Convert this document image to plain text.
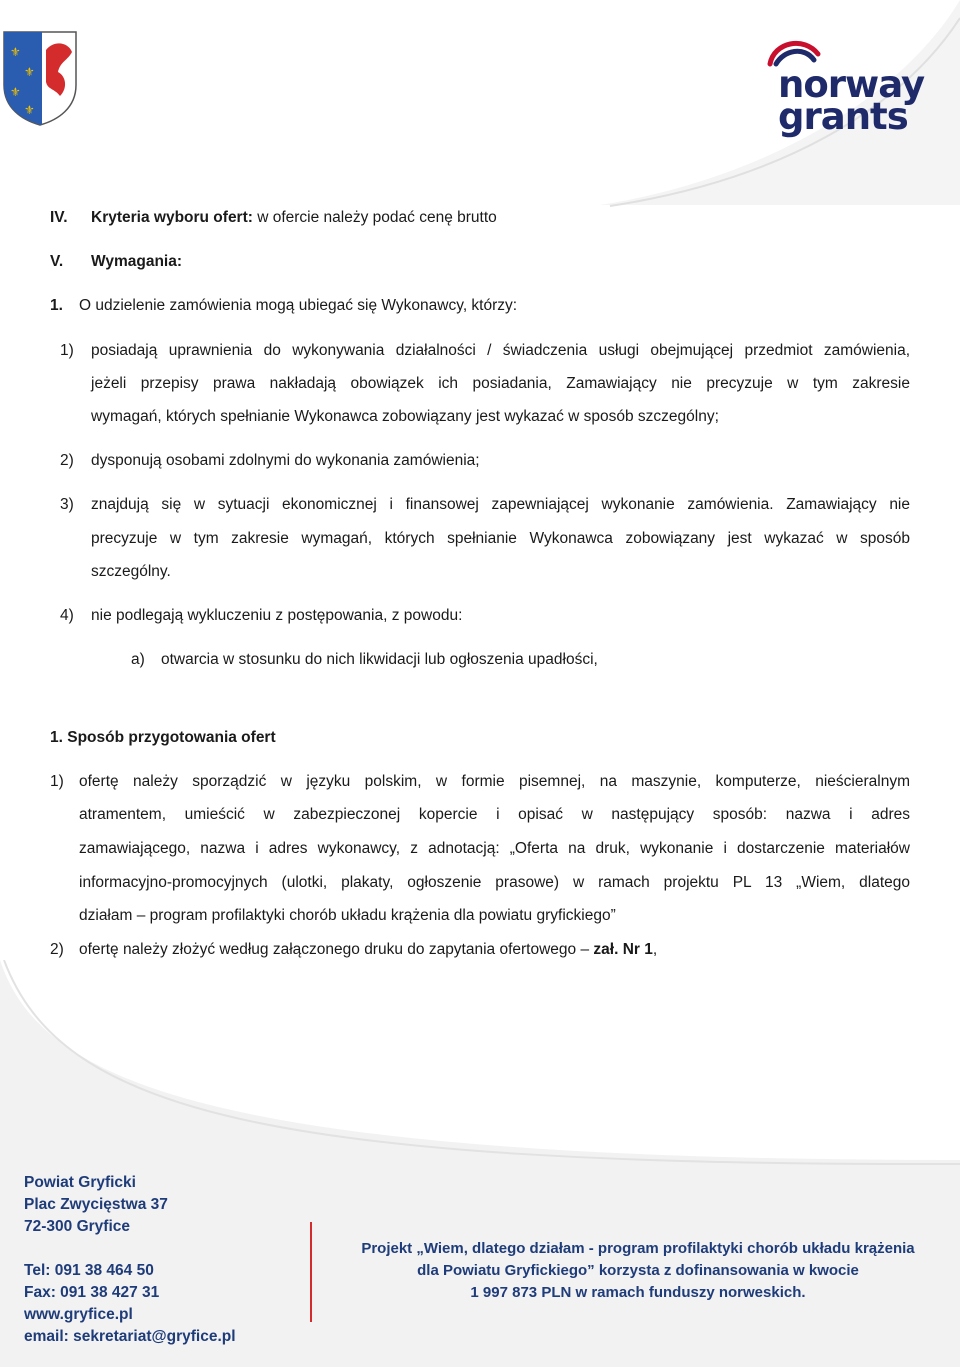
⚜
⚜
⚜
⚜
norway
grants
IV. Kryteria wyboru ofert: w ofercie należy podać cenę brutto
V. Wymagania:
1. O udzielenie zamówienia mogą ubiegać się Wykonawcy, którzy:
1) posiadają uprawnienia do wykonywania działalności / świadczenia usługi obejmującej przedmiot zamówienia,
jeżeli przepisy prawa nakładają obowiązek ich posiadania, Zamawiający nie precyzuje w tym zakresie
wymagań, których spełnianie Wykonawca zobowiązany jest wykazać w sposób szczególny;
2) dysponują osobami zdolnymi do wykonania zamówienia;
3) znajdują się w sytuacji ekonomicznej i finansowej zapewniającej wykonanie zamówienia. Zamawiający nie
precyzuje w tym zakresie wymagań, których spełnianie Wykonawca zobowiązany jest wykazać w sposób
szczególny.
4) nie podlegają wykluczeniu z postępowania, z powodu:
a) otwarcia w stosunku do nich likwidacji lub ogłoszenia upadłości,
1. Sposób przygotowania ofert
1) ofertę należy sporządzić w języku polskim, w formie pisemnej, na maszynie, komputerze, nieścieralnym
atramentem, umieścić w zabezpieczonej kopercie i opisać w następujący sposób: nazwa i adres
zamawiającego, nazwa i adres wykonawcy, z adnotacją: „Oferta na druk, wykonanie i dostarczenie materiałów
informacyjno-promocyjnych (ulotki, plakaty, ogłoszenie prasowe) w ramach projektu PL 13 „Wiem, dlatego
działam – program profilaktyki chorób układu krążenia dla powiatu gryfickiego”
2) ofertę należy złożyć według załączonego druku do zapytania ofertowego – zał. Nr 1,
Powiat Gryficki
Plac Zwycięstwa 37
72-300 Gryfice
Tel: 091 38 464 50
Fax: 091 38 427 31
www.gryfice.pl
email: sekretariat@gryfice.pl
Projekt „Wiem, dlatego działam - program profilaktyki chorób układu krążenia
dla Powiatu Gryfickiego” korzysta z dofinansowania w kwocie
1 997 873 PLN w ramach funduszy norweskich.
